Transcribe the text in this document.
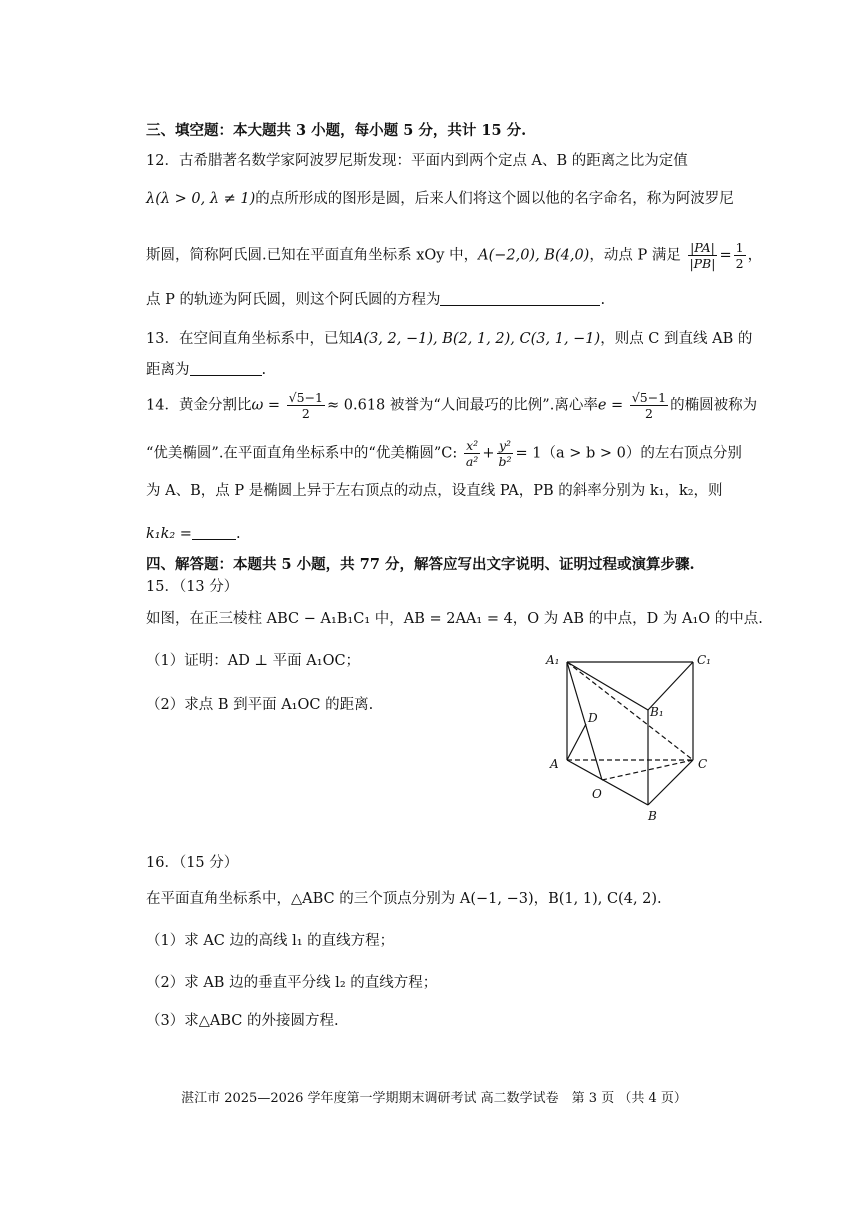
三、填空题：本大题共 3 小题，每小题 5 分，共计 15 分.
12．古希腊著名数学家阿波罗尼斯发现：平面内到两个定点 A、B 的距离之比为定值
λ(λ > 0, λ ≠ 1)的点所形成的图形是圆，后来人们将这个圆以他的名字命名，称为阿波罗尼
斯圆，简称阿氏圆.已知在平面直角坐标系 xOy 中，A(−2,0), B(4,0)，动点 P 满足 $\frac{|PA|}{|PB|} = \frac{1}{2}$ ，
点 P 的轨迹为阿氏圆，则这个阿氏圆的方程为	.
13．在空间直角坐标系中，已知A(3, 2, −1), B(2, 1, 2), C(3, 1, −1)，则点 C 到直线 AB 的
距离为	.
14．黄金分割比$\omega = \frac{√5-1}{2} \approx 0.618$ 被誉为“人间最巧的比例”.离心率$e = \frac{√5-1}{2}$ 的椭圆被称为
“优美椭圆”.在平面直角坐标系中的“优美椭圆”C: $\frac{\text{x²}}{\text{a²}} + \frac{\text{y²}}{\text{b²}} = 1(a > b > 0)$的左右顶点分别
为 A、B，点 P 是椭圆上异于左右顶点的动点，设直线 PA，PB 的斜率分别为 k₁，k₂，则
k₁k₂ =	.
四、解答题：本题共 5 小题，共 77 分，解答应写出文字说明、证明过程或演算步骤.
15．（13 分）
如图，在正三棱柱 ABC − A₁B₁C₁ 中，AB = 2AA₁ = 4，O 为 AB 的中点，D 为 A₁O 的中点.
（1）证明：AD ⊥ 平面 A₁OC；
（2）求点 B 到平面 A₁OC 的距离.
A₁	C₁
B₁
D
A	C
O
B
16．（15 分）
在平面直角坐标系中，△ABC 的三个顶点分别为 A(−1, −3)，B(1, 1), C(4, 2).
（1）求 AC 边的高线 l₁ 的直线方程；
（2）求 AB 边的垂直平分线 l₂ 的直线方程；
（3）求△ABC 的外接圆方程.
湛江市 2025—2026 学年度第一学期期末调研考试 高二数学试卷　第 3 页 （共 4 页）
